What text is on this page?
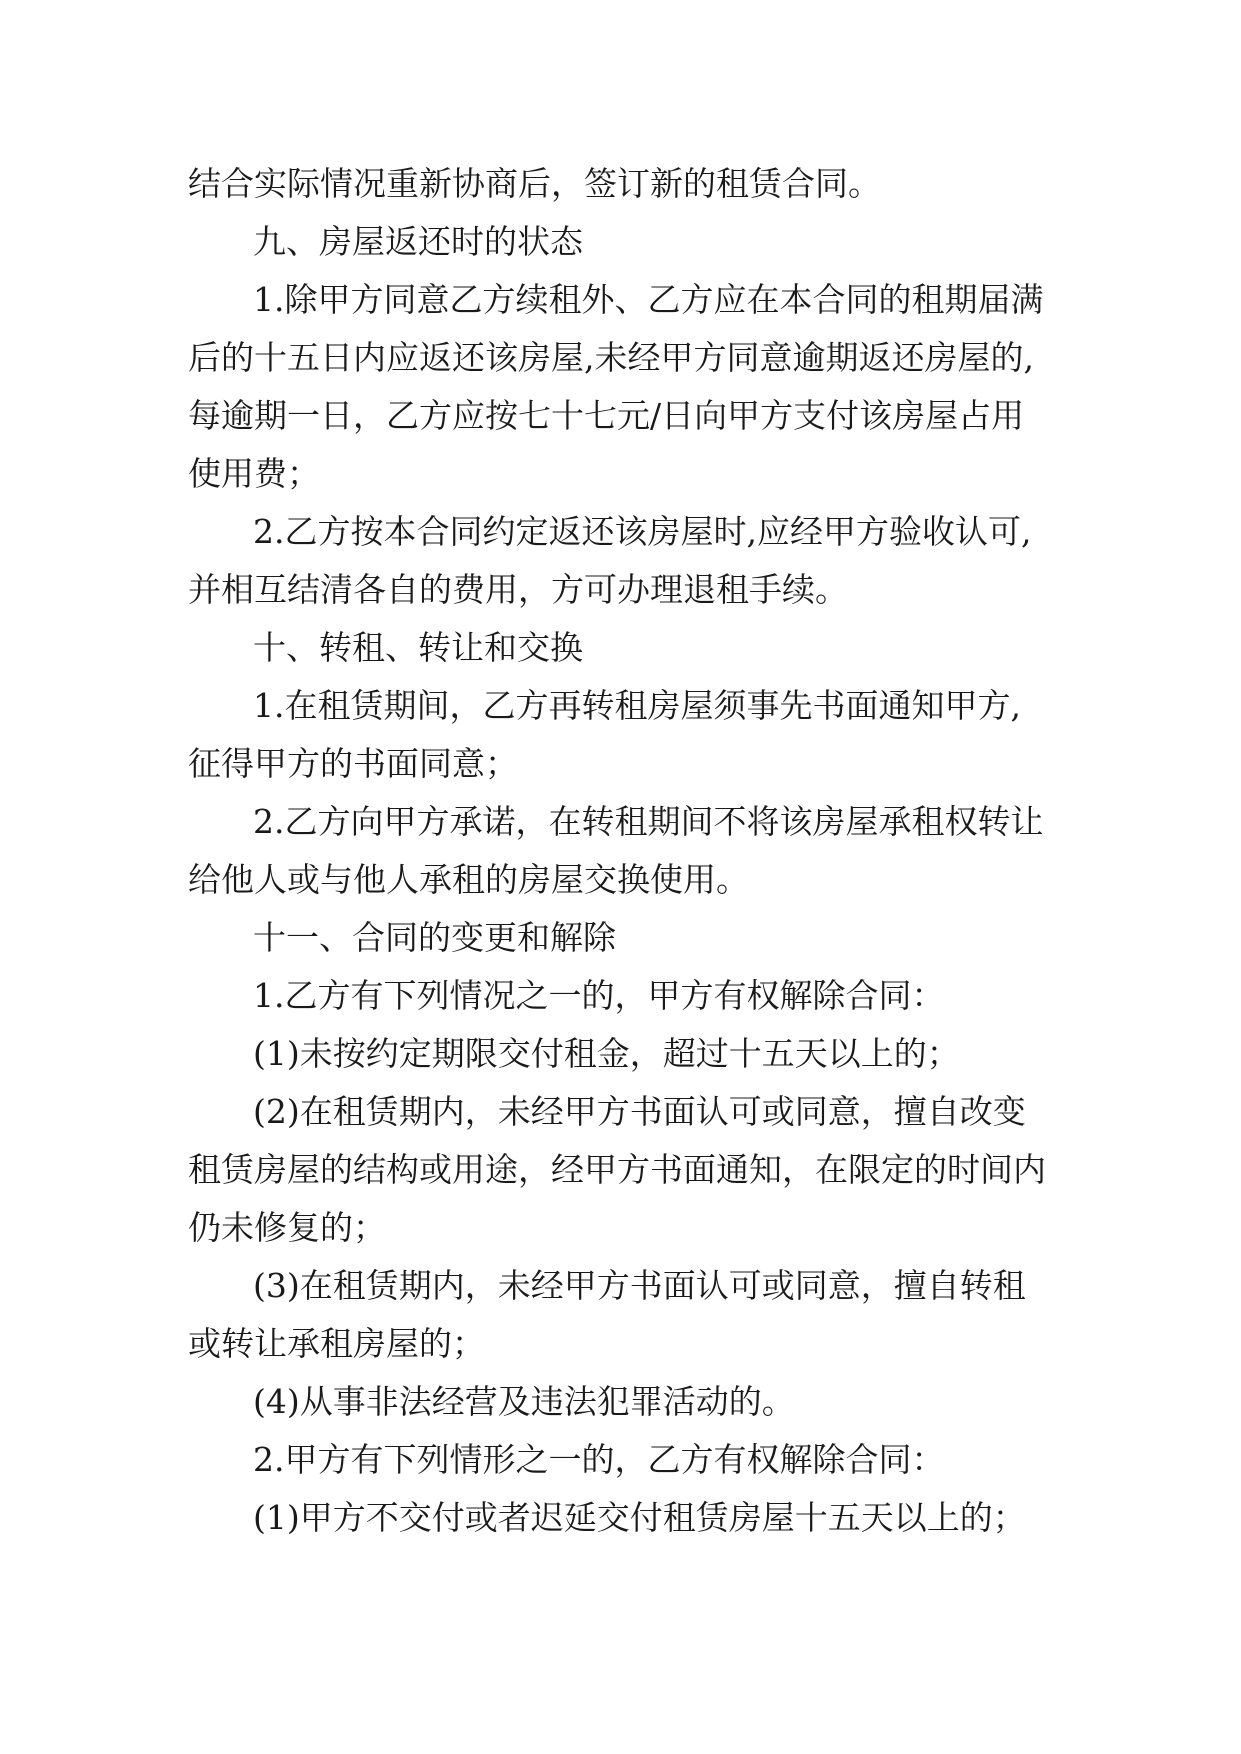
结合实际情况重新协商后，签订新的租赁合同。
九、房屋返还时的状态
1.除甲方同意乙方续租外、乙方应在本合同的租期届满
后的十五日内应返还该房屋,未经甲方同意逾期返还房屋的,
每逾期一日，乙方应按七十七元/日向甲方支付该房屋占用
使用费；
2.乙方按本合同约定返还该房屋时,应经甲方验收认可,
并相互结清各自的费用，方可办理退租手续。
十、转租、转让和交换
1.在租赁期间，乙方再转租房屋须事先书面通知甲方,
征得甲方的书面同意；
2.乙方向甲方承诺，在转租期间不将该房屋承租权转让
给他人或与他人承租的房屋交换使用。
十一、合同的变更和解除
1.乙方有下列情况之一的，甲方有权解除合同：
(1)未按约定期限交付租金，超过十五天以上的；
(2)在租赁期内，未经甲方书面认可或同意，擅自改变
租赁房屋的结构或用途，经甲方书面通知，在限定的时间内
仍未修复的；
(3)在租赁期内，未经甲方书面认可或同意，擅自转租
或转让承租房屋的；
(4)从事非法经营及违法犯罪活动的。
2.甲方有下列情形之一的，乙方有权解除合同：
(1)甲方不交付或者迟延交付租赁房屋十五天以上的；
